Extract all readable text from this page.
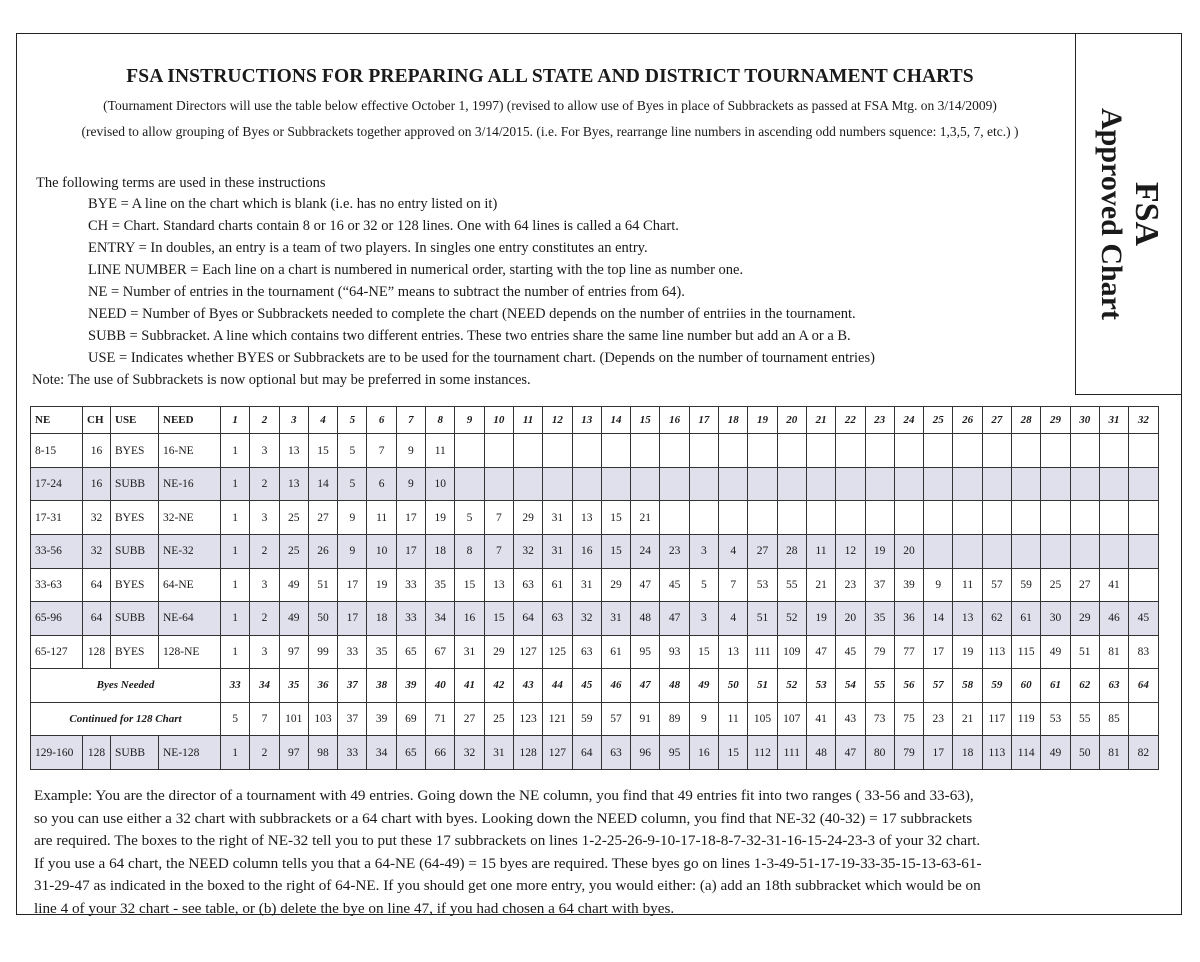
FSA
Approved Chart
FSA INSTRUCTIONS FOR PREPARING ALL STATE AND DISTRICT TOURNAMENT CHARTS
(Tournament Directors will use the table below effective October 1, 1997) (revised to allow use of Byes in place of Subbrackets as passed at FSA Mtg. on 3/14/2009)
(revised to allow grouping of Byes or Subbrackets together approved on 3/14/2015. (i.e. For Byes, rearrange line numbers in ascending odd numbers squence: 1,3,5, 7, etc.) )
The following terms are used in these instructions
BYE = A line on the chart which is blank (i.e. has no entry listed on it)
CH = Chart. Standard charts contain 8 or 16 or 32 or 128 lines. One with 64 lines is called a 64 Chart.
ENTRY = In doubles, an entry is a team of two players. In singles one entry constitutes an entry.
LINE NUMBER = Each line on a chart is numbered in numerical order, starting with the top line as number one.
NE = Number of entries in the tournament (“64-NE” means to subtract the number of entries from 64).
NEED = Number of Byes or Subbrackets needed to complete the chart (NEED depends on the number of entriies in the tournament.
SUBB = Subbracket. A line which contains two different entries. These two entries share the same line number but add an A or a B.
USE = Indicates whether BYES or Subbrackets are to be used for the tournament chart. (Depends on the number of tournament entries)
Note: The use of Subbrackets is now optional but may be preferred in some instances.
NE	CH	USE	NEED	1	2	3	4	5	6	7	8	9	10	11	12	13	14	15	16	17	18	19	20	21	22	23	24	25	26	27	28	29	30	31	32
8-15	16	BYES	16-NE	1	3	13	15	5	7	9	11																								
17-24	16	SUBB	NE-16	1	2	13	14	5	6	9	10																								
17-31	32	BYES	32-NE	1	3	25	27	9	11	17	19	5	7	29	31	13	15	21																	
33-56	32	SUBB	NE-32	1	2	25	26	9	10	17	18	8	7	32	31	16	15	24	23	3	4	27	28	11	12	19	20								
33-63	64	BYES	64-NE	1	3	49	51	17	19	33	35	15	13	63	61	31	29	47	45	5	7	53	55	21	23	37	39	9	11	57	59	25	27	41	
65-96	64	SUBB	NE-64	1	2	49	50	17	18	33	34	16	15	64	63	32	31	48	47	3	4	51	52	19	20	35	36	14	13	62	61	30	29	46	45
65-127	128	BYES	128-NE	1	3	97	99	33	35	65	67	31	29	127	125	63	61	95	93	15	13	111	109	47	45	79	77	17	19	113	115	49	51	81	83
Byes Needed				33	34	35	36	37	38	39	40	41	42	43	44	45	46	47	48	49	50	51	52	53	54	55	56	57	58	59	60	61	62	63	64
Continued for 128 Chart				5	7	101	103	37	39	69	71	27	25	123	121	59	57	91	89	9	11	105	107	41	43	73	75	23	21	117	119	53	55	85	
129-160	128	SUBB	NE-128	1	2	97	98	33	34	65	66	32	31	128	127	64	63	96	95	16	15	112	111	48	47	80	79	17	18	113	114	49	50	81	82

Example: You are the director of a tournament with 49 entries. Going down the NE column, you find that 49 entries fit into two ranges ( 33-56 and 33-63),

so you can use either a 32 chart with subbrackets or a 64 chart with byes. Looking down the NEED column, you find that NE-32 (40-32) = 17 subbrackets

are required. The boxes to the right of NE-32 tell you to put these 17 subbrackets on lines 1-2-25-26-9-10-17-18-8-7-32-31-16-15-24-23-3 of your 32 chart.

If you use a 64 chart, the NEED column tells you that a 64-NE (64-49) = 15 byes are required. These byes go on lines 1-3-49-51-17-19-33-35-15-13-63-61-

31-29-47 as indicated in the boxed to the right of 64-NE. If you should get one more entry, you would either: (a) add an 18th subbracket which would be on

line 4 of your 32 chart - see table, or (b) delete the bye on line 47, if you had chosen a 64 chart with byes.
